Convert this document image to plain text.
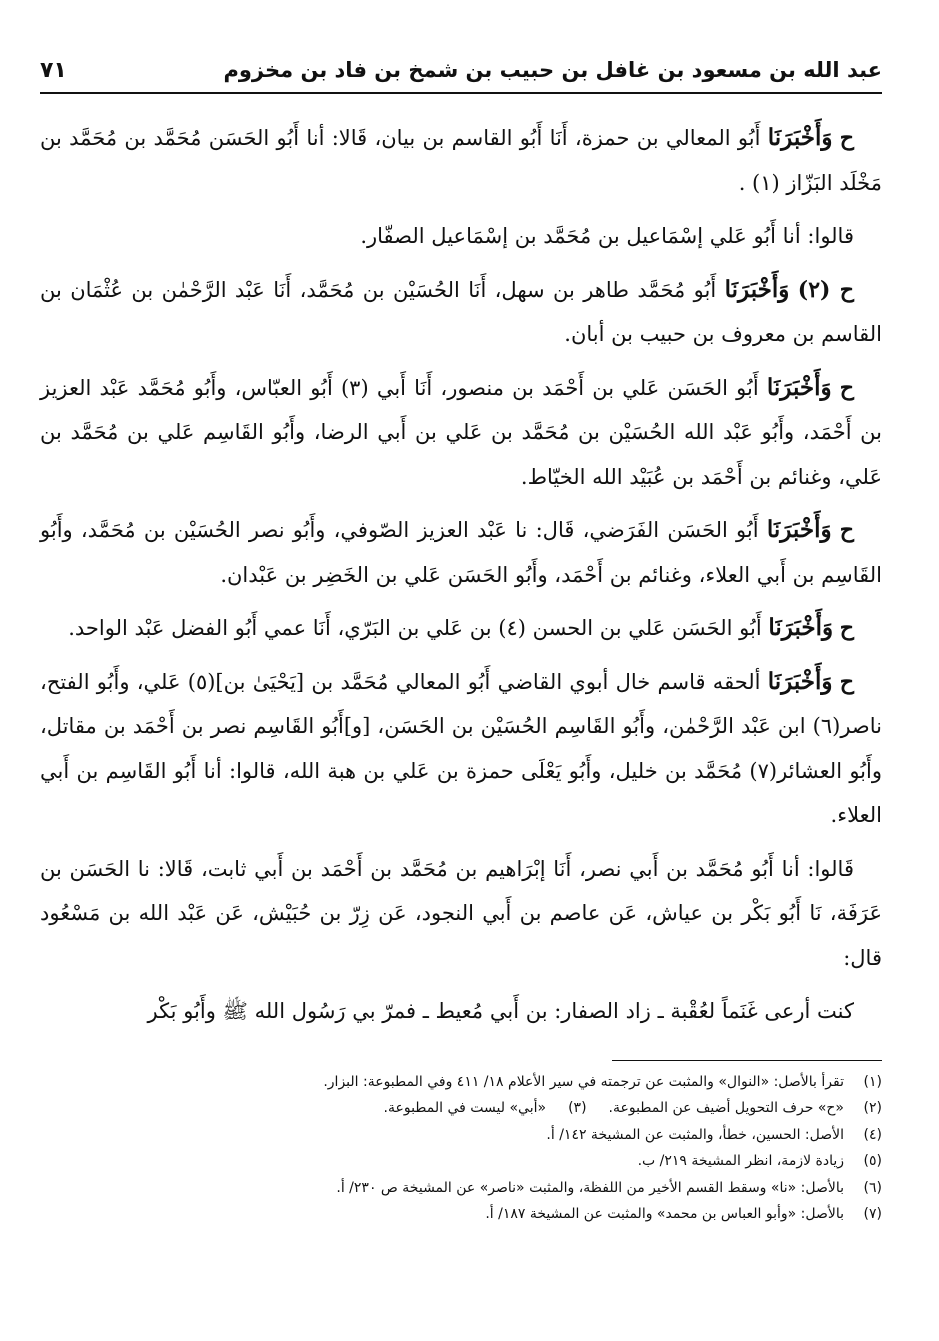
عبد الله بن مسعود بن غافل بن حبيب بن شمخ بن فاد بن مخزوم
٧١

ح وَأَخْبَرَنَا أَبُو المعالي بن حمزة، أَنَا أَبُو القاسم بن بيان، قَالا: أنا أَبُو الحَسَن مُحَمَّد بن مُحَمَّد بن مَخْلَد البَزّاز (١) .

قالوا: أنا أَبُو عَلي إسْمَاعيل بن مُحَمَّد بن إسْمَاعيل الصفّار.

ح (٢) وَأَخْبَرَنَا أَبُو مُحَمَّد طاهر بن سهل، أَنَا الحُسَيْن بن مُحَمَّد، أَنَا عَبْد الرَّحْمٰن بن عُثْمَان بن القاسم بن معروف بن حبيب بن أبان.

ح وَأَخْبَرَنَا أَبُو الحَسَن عَلي بن أَحْمَد بن منصور، أَنَا أَبي (٣) أَبُو العبّاس، وأَبُو مُحَمَّد عَبْد العزيز بن أَحْمَد، وأَبُو عَبْد الله الحُسَيْن بن مُحَمَّد بن عَلي بن أَبي الرضا، وأَبُو القَاسِم عَلي بن مُحَمَّد بن عَلي، وغنائم بن أَحْمَد بن عُبَيْد الله الخيّاط.

ح وَأَخْبَرَنَا أَبُو الحَسَن الفَرَضي، قَال: نا عَبْد العزيز الصّوفي، وأَبُو نصر الحُسَيْن بن مُحَمَّد، وأَبُو القَاسِم بن أَبي العلاء، وغنائم بن أَحْمَد، وأَبُو الحَسَن عَلي بن الخَضِر بن عَبْدان.

ح وَأَخْبَرَنَا أَبُو الحَسَن عَلي بن الحسن (٤) بن عَلي بن البَرّي، أَنَا عمي أَبُو الفضل عَبْد الواحد.

ح وَأَخْبَرَنَا ألحقه قاسم خال أبوي القاضي أَبُو المعالي مُحَمَّد بن [يَحْيَىٰ بن](٥) عَلي، وأَبُو الفتح، ناصر(٦) ابن عَبْد الرَّحْمٰن، وأَبُو القَاسِم الحُسَيْن بن الحَسَن، [و]أَبُو القَاسِم نصر بن أَحْمَد بن مقاتل، وأَبُو العشائر(٧) مُحَمَّد بن خليل، وأَبُو يَعْلَى حمزة بن عَلي بن هبة الله، قالوا: أنا أَبُو القَاسِم بن أَبي العلاء.

قَالوا: أنا أَبُو مُحَمَّد بن أَبي نصر، أَنَا إبْرَاهيم بن مُحَمَّد بن أَحْمَد بن أَبي ثابت، قَالا: نا الحَسَن بن عَرَفَة، نَا أَبُو بَكْر بن عياش، عَن عاصم بن أَبي النجود، عَن زِرّ بن حُبَيْش، عَن عَبْد الله بن مَسْعُود قال:

كنت أرعى غَنَماً لعُقْبة ـ زاد الصفار: بن أَبي مُعيط ـ فمرّ بي رَسُول الله ﷺ وأَبُو بَكْر

(١)
تقرأ بالأصل: «النوال» والمثبت عن ترجمته في سير الأعلام ١٨/ ٤١١ وفي المطبوعة: البزار.
(٢)
«ح» حرف التحويل أضيف عن المطبوعة.
(٣)
«أبي» ليست في المطبوعة.
(٤)
الأصل: الحسين، خطأ، والمثبت عن المشيخة ١٤٢/ أ.
(٥)
زيادة لازمة، انظر المشيخة ٢١٩/ ب.
(٦)
بالأصل: «نا» وسقط القسم الأخير من اللفظة، والمثبت «ناصر» عن المشيخة ص ٢٣٠/ أ.
(٧)
بالأصل: «وأبو العباس بن محمد» والمثبت عن المشيخة ١٨٧/ أ.
